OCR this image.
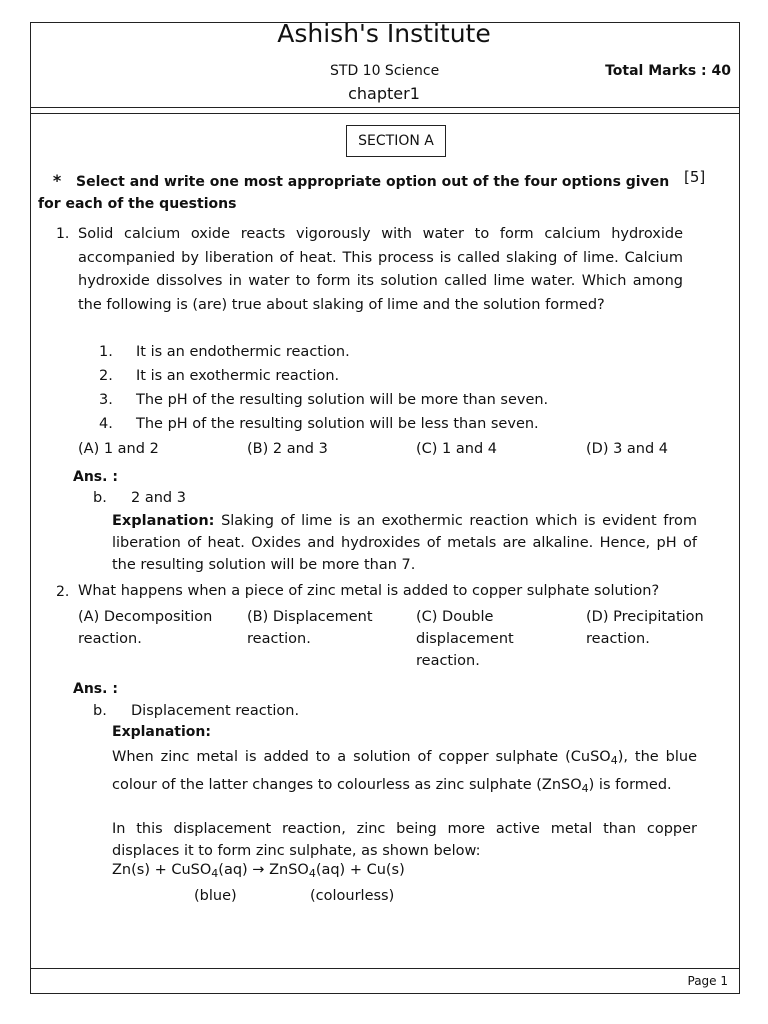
Ashish's Institute
STD 10 Science	Total Marks : 40
chapter1
SECTION A
* Select and write one most appropriate option out of the four options given
for each of the questions
[5]
1. Solid calcium oxide reacts vigorously with water to form calcium hydroxide accompanied by liberation of heat. This process is called slaking of lime. Calcium hydroxide dissolves in water to form its solution called lime water. Which among the following is (are) true about slaking of lime and the solution formed?
1. It is an endothermic reaction.
2. It is an exothermic reaction.
3. The pH of the resulting solution will be more than seven.
4. The pH of the resulting solution will be less than seven.
(A) 1 and 2	(B) 2 and 3	(C) 1 and 4	(D) 3 and 4
Ans. :
b. 2 and 3
Explanation: Slaking of lime is an exothermic reaction which is evident from liberation of heat. Oxides and hydroxides of metals are alkaline. Hence, pH of the resulting solution will be more than 7.
2. What happens when a piece of zinc metal is added to copper sulphate solution?
(A) Decomposition
reaction.
(B) Displacement
reaction.
(C) Double
displacement
reaction.
(D) Precipitation
reaction.
Ans. :
b. Displacement reaction.
Explanation:
When zinc metal is added to a solution of copper sulphate (CuSO$_4$), the blue colour of the latter changes to colourless as zinc sulphate (ZnSO$_4$) is formed.
In this displacement reaction, zinc being more active metal than copper displaces it to form zinc sulphate, as shown below:
Zn(s) + CuSO$_4$(aq) → ZnSO$_4$(aq) + Cu(s)
(blue)	(colourless)
Page 1
